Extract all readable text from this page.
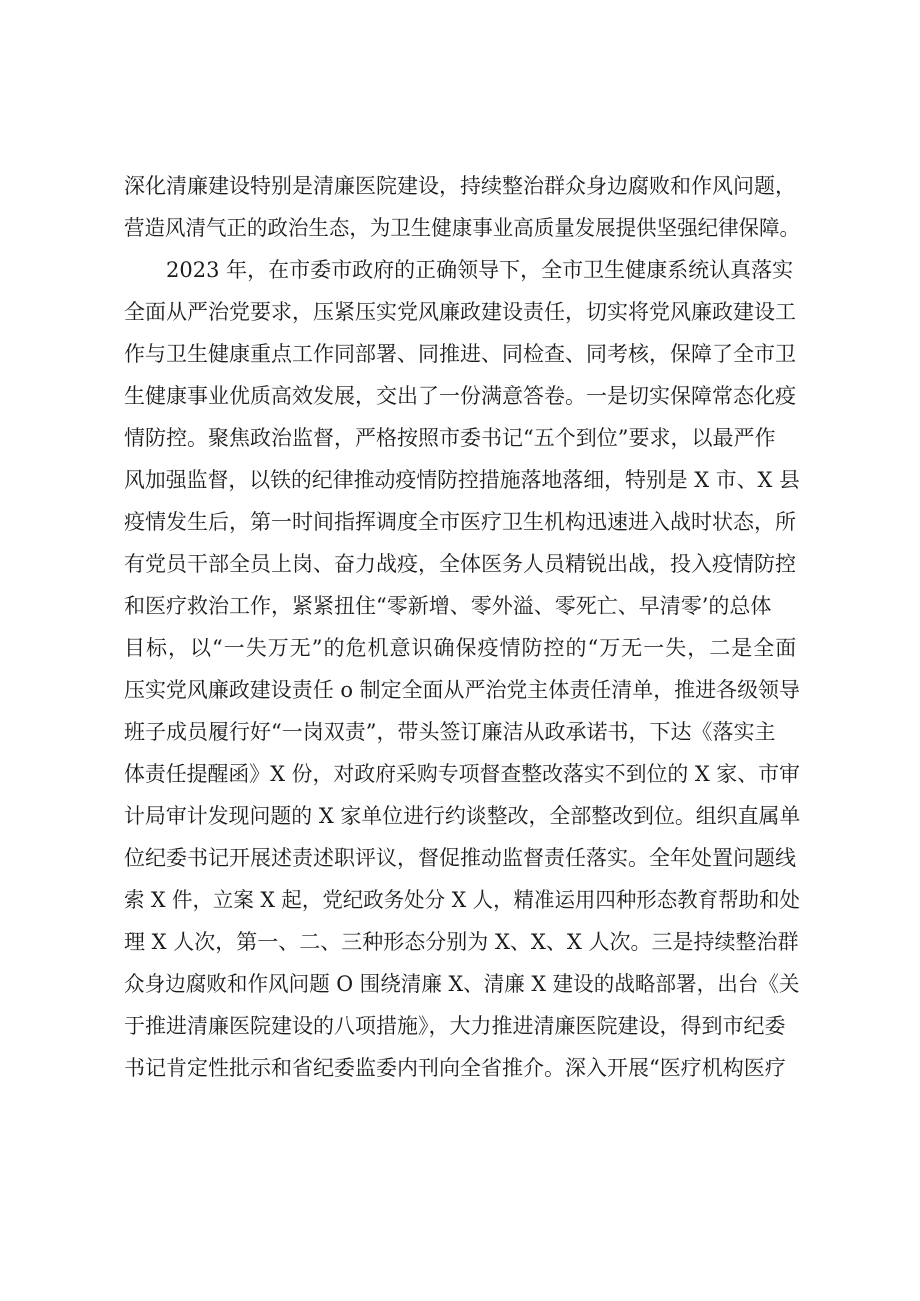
深化清廉建设特别是清廉医院建设，持续整治群众身边腐败和作风问题，
营造风清气正的政治生态，为卫生健康事业高质量发展提供坚强纪律保障。
2023 年，在市委市政府的正确领导下，全市卫生健康系统认真落实
全面从严治党要求，压紧压实党风廉政建设责任，切实将党风廉政建设工
作与卫生健康重点工作同部署、同推进、同检查、同考核，保障了全市卫
生健康事业优质高效发展，交出了一份满意答卷。一是切实保障常态化疫
情防控。聚焦政治监督，严格按照市委书记“五个到位”要求，以最严作
风加强监督，以铁的纪律推动疫情防控措施落地落细，特别是 X 市、X 县
疫情发生后，第一时间指挥调度全市医疗卫生机构迅速进入战时状态，所
有党员干部全员上岗、奋力战疫，全体医务人员精锐出战，投入疫情防控
和医疗救治工作，紧紧扭住“零新增、零外溢、零死亡、早清零’的总体
目标，以“一失万无”的危机意识确保疫情防控的“万无一失，二是全面
压实党风廉政建设责任 o 制定全面从严治党主体责任清单，推进各级领导
班子成员履行好“一岗双责”，带头签订廉洁从政承诺书，下达《落实主
体责任提醒函》X 份，对政府采购专项督查整改落实不到位的 X 家、市审
计局审计发现问题的 X 家单位进行约谈整改，全部整改到位。组织直属单
位纪委书记开展述责述职评议，督促推动监督责任落实。全年处置问题线
索 X 件，立案 X 起，党纪政务处分 X 人，精准运用四种形态教育帮助和处
理 X 人次，第一、二、三种形态分别为 X、X、X 人次。三是持续整治群
众身边腐败和作风问题 O 围绕清廉 X、清廉 X 建设的战略部署，出台《关
于推进清廉医院建设的八项措施》，大力推进清廉医院建设，得到市纪委
书记肯定性批示和省纪委监委内刊向全省推介。深入开展“医疗机构医疗
